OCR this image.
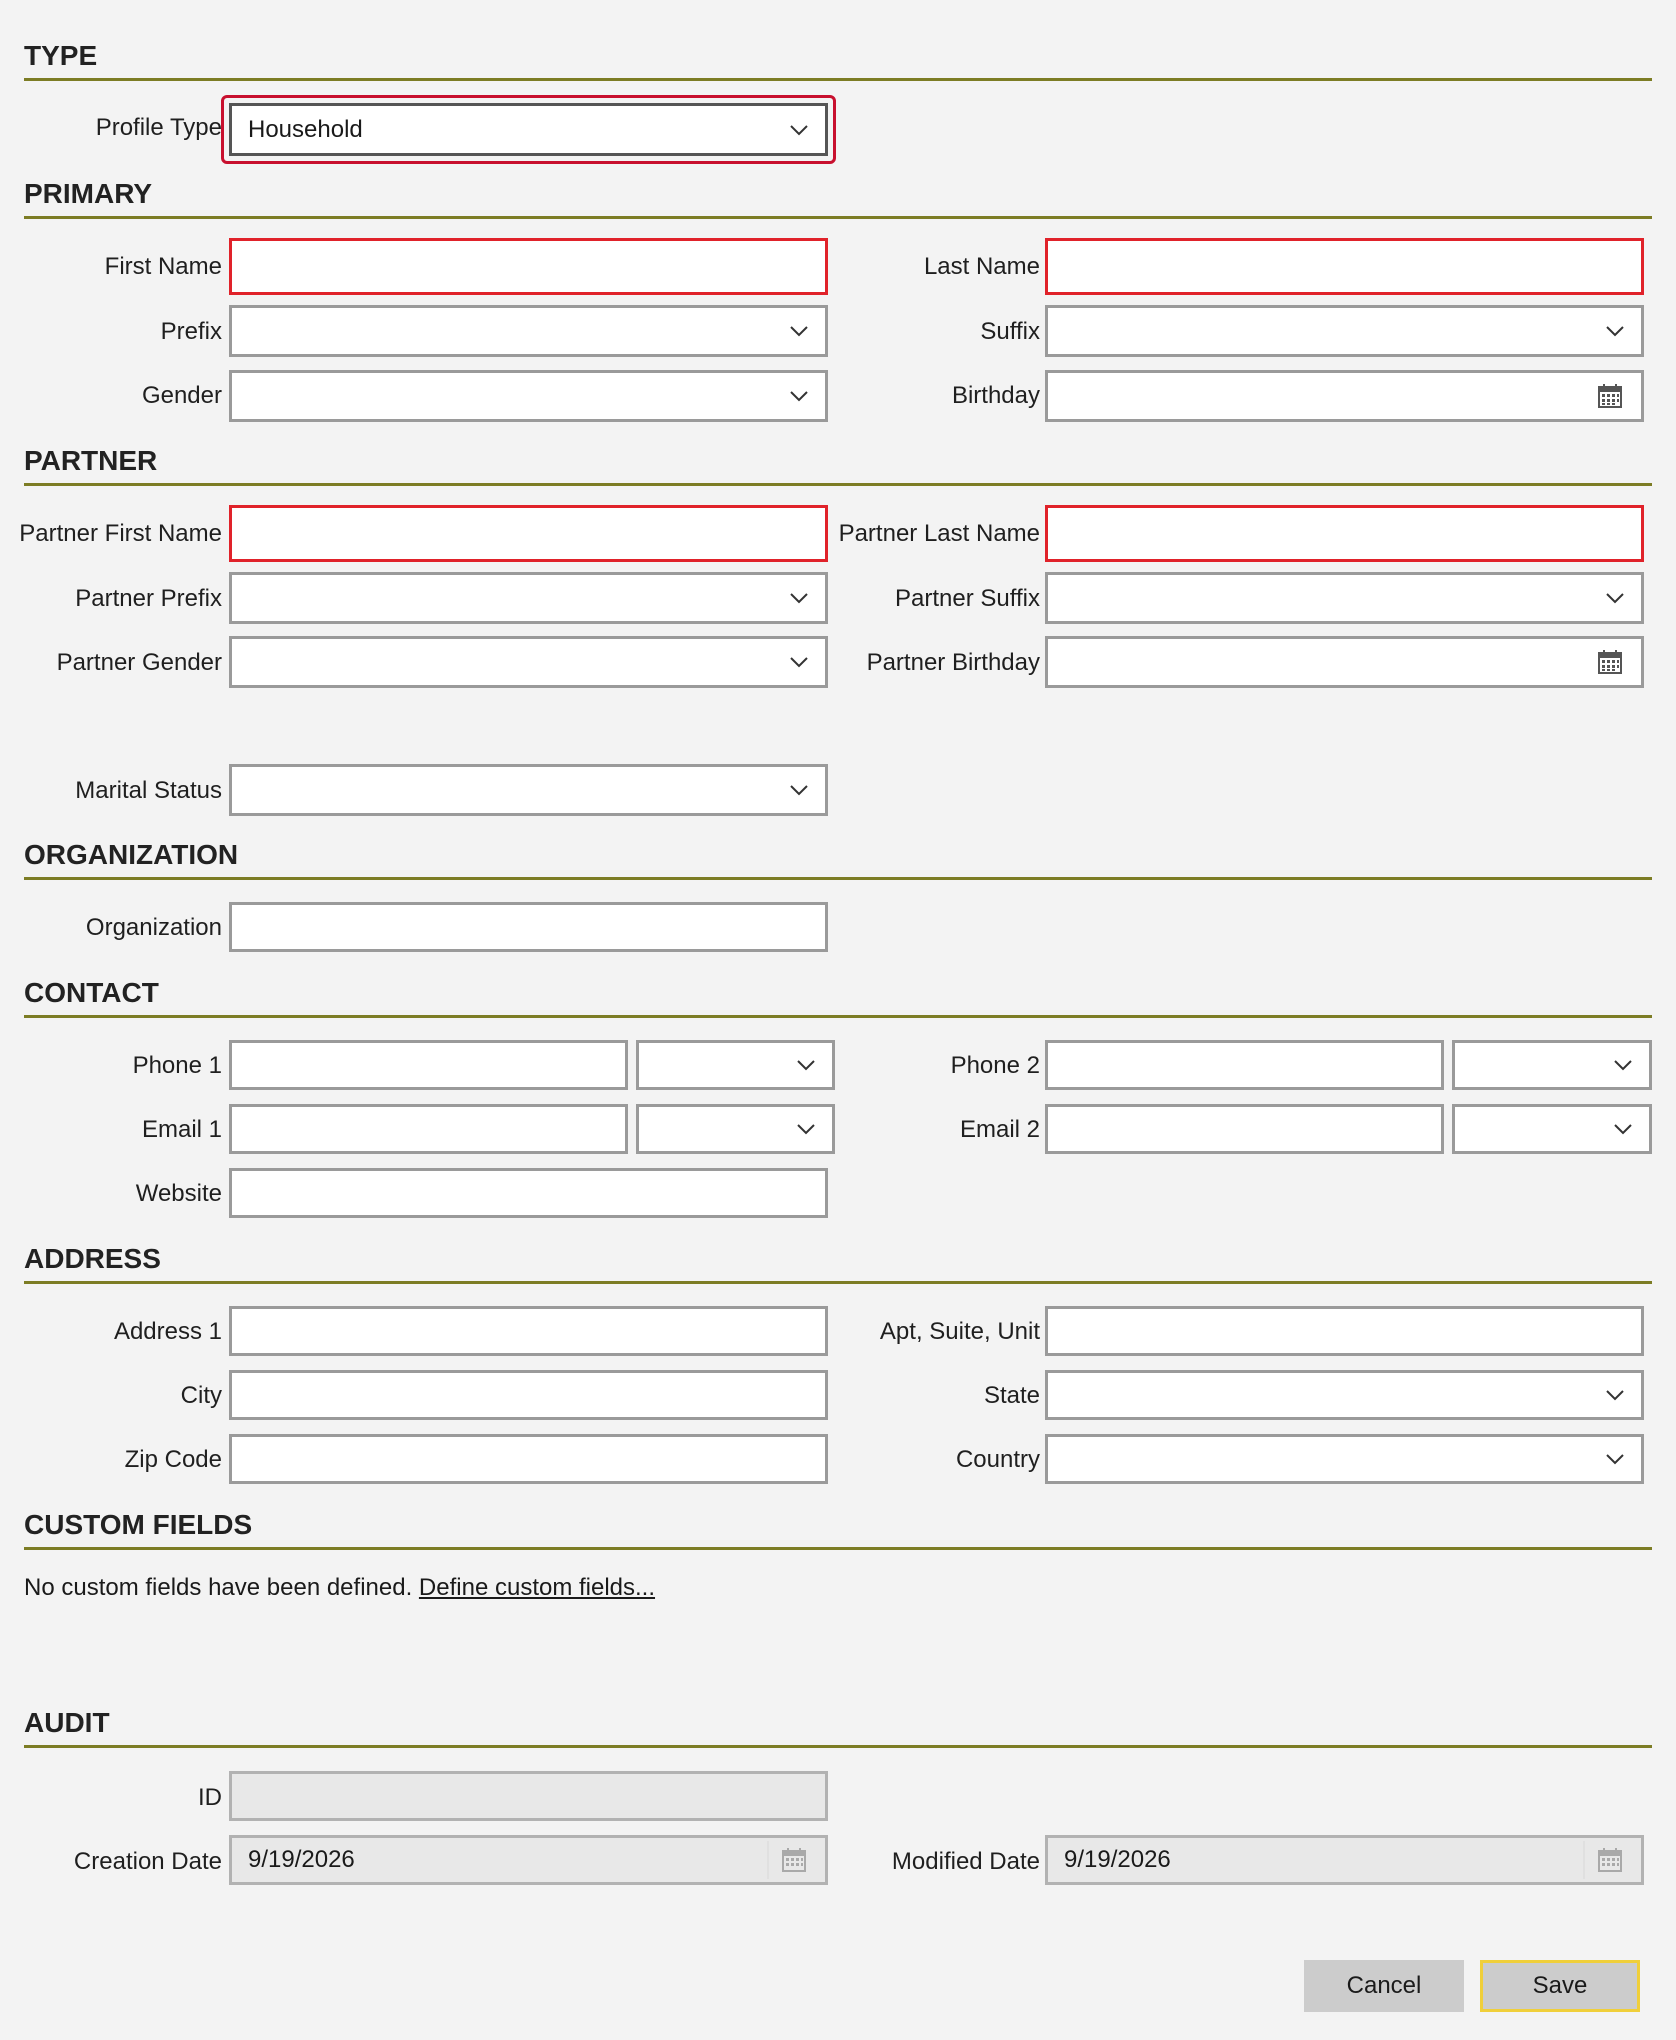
TYPE
Profile Type Household
PRIMARY
First Name	Last Name
Prefix	Suffix
Gender	Birthday
PARTNER
Partner First Name	Partner Last Name
Partner Prefix	Partner Suffix
Partner Gender	Partner Birthday
Marital Status
ORGANIZATION
Organization
CONTACT
Phone 1	Phone 2
Email 1	Email 2
Website
ADDRESS
Address 1	Apt, Suite, Unit
City	State
Zip Code	Country
CUSTOM FIELDS
No custom fields have been defined. Define custom fields...
AUDIT
ID
Creation Date 9/19/2026	Modified Date 9/19/2026
Cancel	Save
